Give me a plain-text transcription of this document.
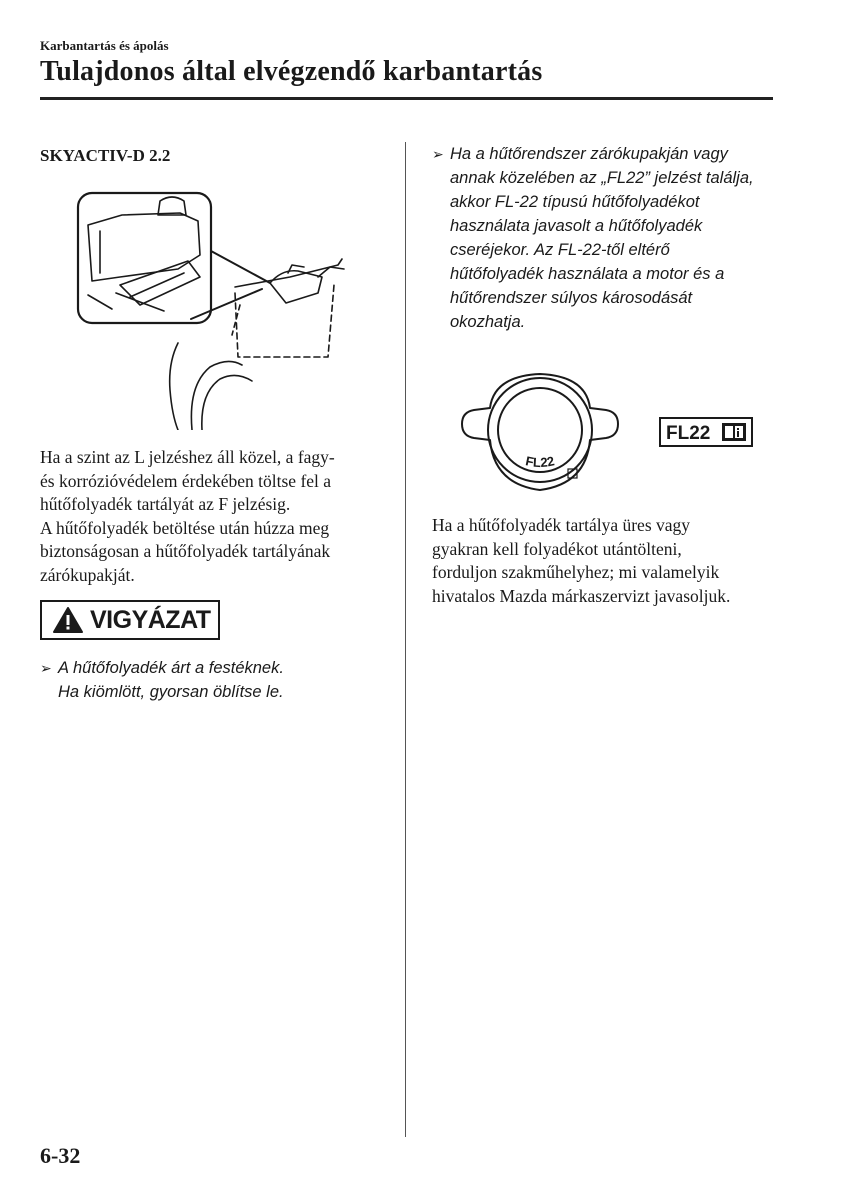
Karbantartás és ápolás
Tulajdonos által elvégzendő karbantartás
SKYACTIV-D 2.2

Ha a szint az L jelzéshez áll közel, a fagy-
és korrózióvédelem érdekében töltse fel a
hűtőfolyadék tartályát az F jelzésig.
A hűtőfolyadék betöltése után húzza meg
biztonságosan a hűtőfolyadék tartályának
zárókupakját.

VIGYÁZAT
➢ A hűtőfolyadék árt a festéknek.
Ha kiömlött, gyorsan öblítse le.
➢ Ha a hűtőrendszer zárókupakján vagy
annak közelében az „FL22” jelzést találja,
akkor FL-22 típusú hűtőfolyadékot
használata javasolt a hűtőfolyadék
cseréjekor. Az FL-22-től eltérő
hűtőfolyadék használata a motor és a
hűtőrendszer súlyos károsodását
okozhatja.
FL22
FL22

Ha a hűtőfolyadék tartálya üres vagy
gyakran kell folyadékot utántölteni,
forduljon szakműhelyhez; mi valamelyik
hivatalos Mazda márkaszervizt javasoljuk.

6-32
